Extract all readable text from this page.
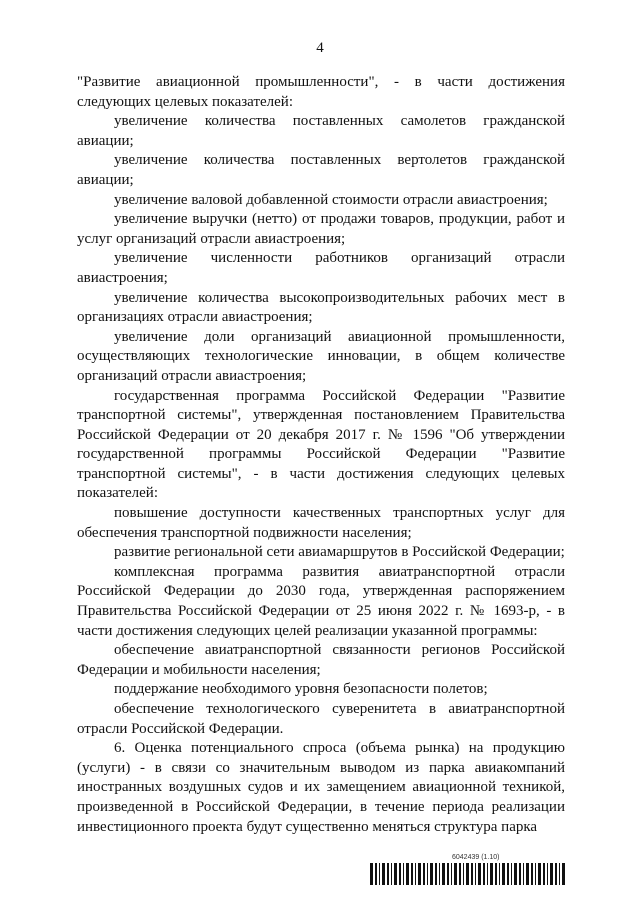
4

"Развитие авиационной промышленности", - в части достижения следующих целевых показателей:

увеличение количества поставленных самолетов гражданской авиации;

увеличение количества поставленных вертолетов гражданской авиации;

увеличение валовой добавленной стоимости отрасли авиастроения;

увеличение выручки (нетто) от продажи товаров, продукции, работ и услуг организаций отрасли авиастроения;

увеличение численности работников организаций отрасли авиастроения;

увеличение количества высокопроизводительных рабочих мест в организациях отрасли авиастроения;

увеличение доли организаций авиационной промышленности, осуществляющих технологические инновации, в общем количестве организаций отрасли авиастроения;

государственная программа Российской Федерации "Развитие транспортной системы", утвержденная постановлением Правительства Российской Федерации от 20 декабря 2017 г. № 1596 "Об утверждении государственной программы Российской Федерации "Развитие транспортной системы", - в части достижения следующих целевых показателей:

повышение доступности качественных транспортных услуг для обеспечения транспортной подвижности населения;

развитие региональной сети авиамаршрутов в Российской Федерации;

комплексная программа развития авиатранспортной отрасли Российской Федерации до 2030 года, утвержденная распоряжением Правительства Российской Федерации от 25 июня 2022 г. № 1693-р, - в части достижения следующих целей реализации указанной программы:

обеспечение авиатранспортной связанности регионов Российской Федерации и мобильности населения;

поддержание необходимого уровня безопасности полетов;

обеспечение технологического суверенитета в авиатранспортной отрасли Российской Федерации.

6. Оценка потенциального спроса (объема рынка) на продукцию (услуги) - в связи со значительным выводом из парка авиакомпаний иностранных воздушных судов и их замещением авиационной техникой, произведенной в Российской Федерации, в течение периода реализации инвестиционного проекта будут существенно меняться структура парка

6042439 (1.10)
